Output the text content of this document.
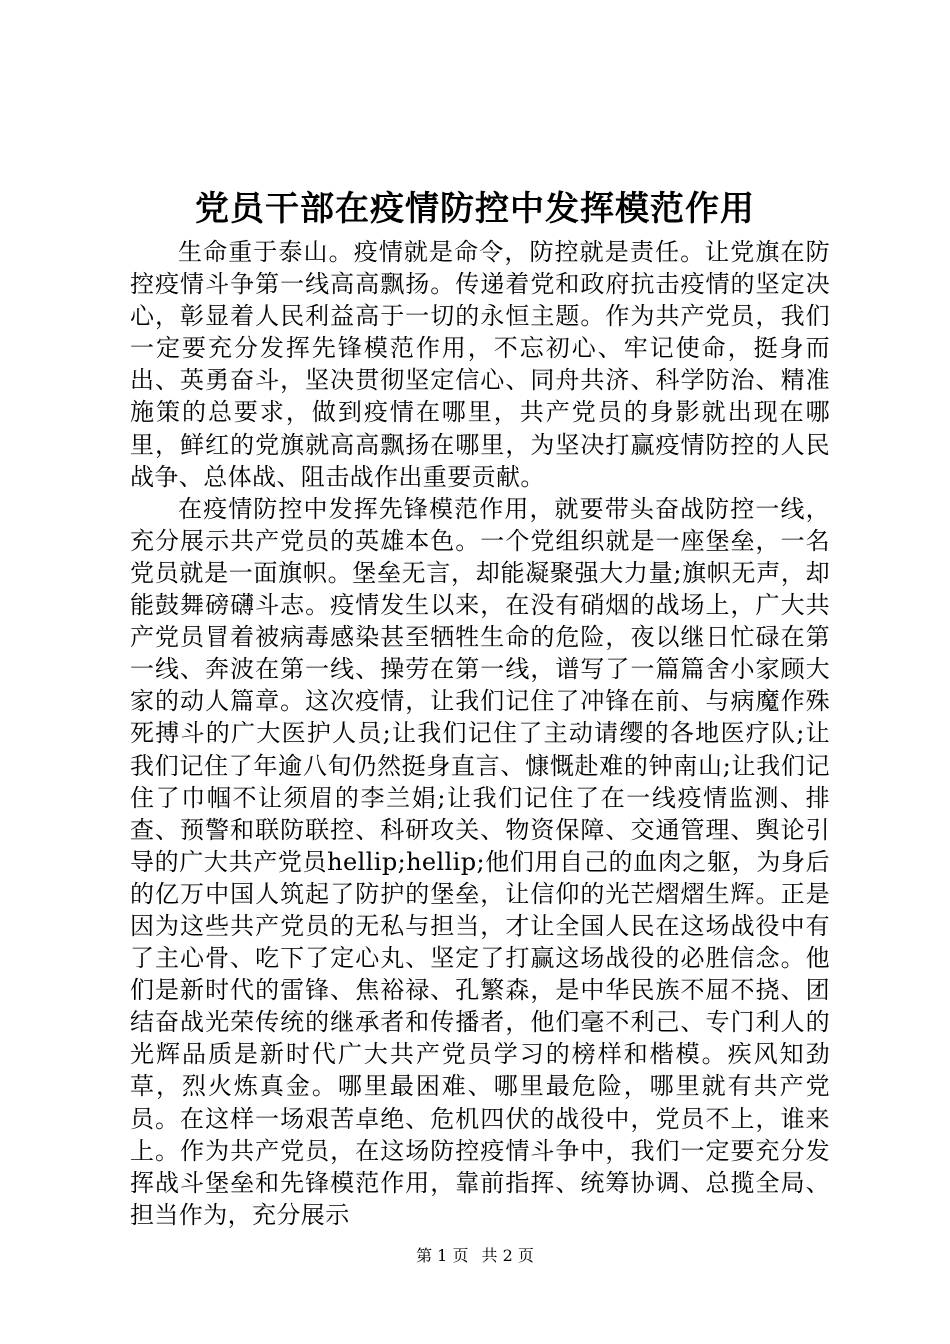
党员干部在疫情防控中发挥模范作用

生命重于泰山。疫情就是命令，防控就是责任。让党旗在防控疫情斗争第一线高高飘扬。传递着党和政府抗击疫情的坚定决心，彰显着人民利益高于一切的永恒主题。作为共产党员，我们一定要充分发挥先锋模范作用，不忘初心、牢记使命，挺身而出、英勇奋斗，坚决贯彻坚定信心、同舟共济、科学防治、精准施策的总要求，做到疫情在哪里，共产党员的身影就出现在哪里，鲜红的党旗就高高飘扬在哪里，为坚决打赢疫情防控的人民战争、总体战、阻击战作出重要贡献。

在疫情防控中发挥先锋模范作用，就要带头奋战防控一线，充分展示共产党员的英雄本色。一个党组织就是一座堡垒，一名党员就是一面旗帜。堡垒无言，却能凝聚强大力量;旗帜无声，却能鼓舞磅礴斗志。疫情发生以来，在没有硝烟的战场上，广大共产党员冒着被病毒感染甚至牺牲生命的危险，夜以继日忙碌在第一线、奔波在第一线、操劳在第一线，谱写了一篇篇舍小家顾大家的动人篇章。这次疫情，让我们记住了冲锋在前、与病魔作殊死搏斗的广大医护人员;让我们记住了主动请缨的各地医疗队;让我们记住了年逾八旬仍然挺身直言、慷慨赴难的钟南山;让我们记住了巾帼不让须眉的李兰娟;让我们记住了在一线疫情监测、排查、预警和联防联控、科研攻关、物资保障、交通管理、舆论引导的广大共产党员hellip;hellip;他们用自己的血肉之躯，为身后的亿万中国人筑起了防护的堡垒，让信仰的光芒熠熠生辉。正是因为这些共产党员的无私与担当，才让全国人民在这场战役中有了主心骨、吃下了定心丸、坚定了打赢这场战役的必胜信念。他们是新时代的雷锋、焦裕禄、孔繁森，是中华民族不屈不挠、团结奋战光荣传统的继承者和传播者，他们毫不利己、专门利人的光辉品质是新时代广大共产党员学习的榜样和楷模。疾风知劲草，烈火炼真金。哪里最困难、哪里最危险，哪里就有共产党员。在这样一场艰苦卓绝、危机四伏的战役中，党员不上，谁来上。作为共产党员，在这场防控疫情斗争中，我们一定要充分发挥战斗堡垒和先锋模范作用，靠前指挥、统筹协调、总揽全局、担当作为，充分展示

第 1 页 共 2 页
